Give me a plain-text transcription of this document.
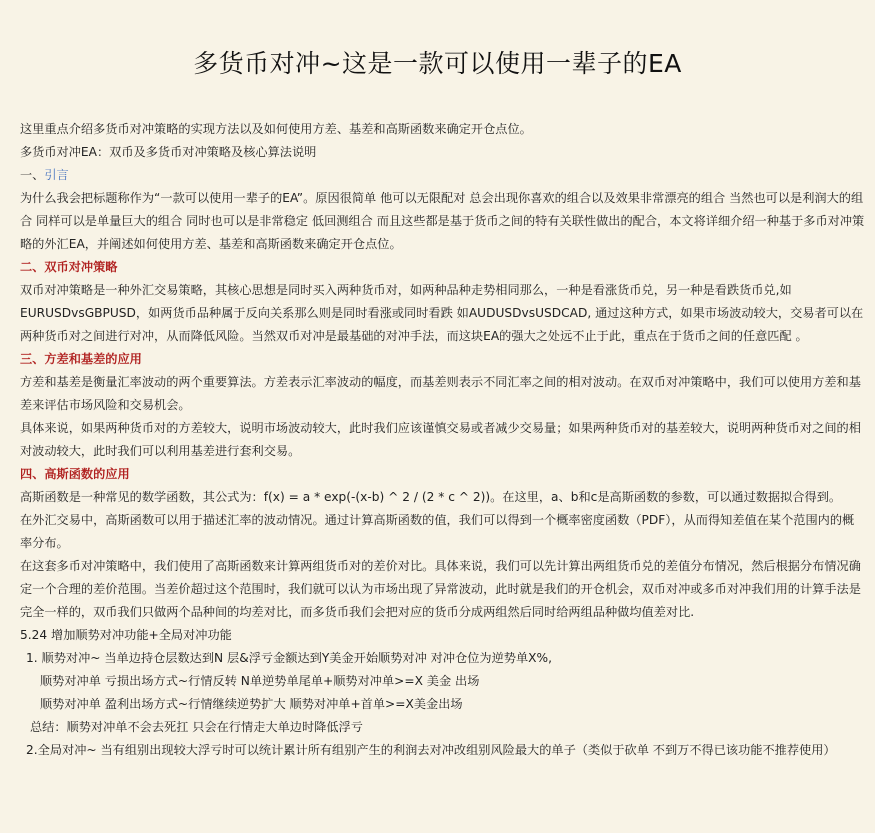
多货币对冲~这是一款可以使用一辈子的EA

这里重点介绍多货币对冲策略的实现方法以及如何使用方差、基差和高斯函数来确定开仓点位。

多货币对冲EA：双币及多货币对冲策略及核心算法说明

一、引言

为什么我会把标题称作为“一款可以使用一辈子的EA”。原因很简单 他可以无限配对 总会出现你喜欢的组合以及效果非常漂亮的组合 当然也可以是利润大的组合 同样可以是单量巨大的组合 同时也可以是非常稳定 低回测组合 而且这些都是基于货币之间的特有关联性做出的配合，本文将详细介绍一种基于多币对冲策略的外汇EA，并阐述如何使用方差、基差和高斯函数来确定开仓点位。

二、双币对冲策略

双币对冲策略是一种外汇交易策略，其核心思想是同时买入两种货币对，如两种品种走势相同那么，一种是看涨货币兑，另一种是看跌货币兑,如EURUSDvsGBPUSD，如两货币品种属于反向关系那么则是同时看涨或同时看跌 如AUDUSDvsUSDCAD, 通过这种方式，如果市场波动较大，交易者可以在两种货币对之间进行对冲，从而降低风险。当然双币对冲是最基础的对冲手法，而这块EA的强大之处远不止于此，重点在于货币之间的任意匹配 。

三、方差和基差的应用

方差和基差是衡量汇率波动的两个重要算法。方差表示汇率波动的幅度，而基差则表示不同汇率之间的相对波动。在双币对冲策略中，我们可以使用方差和基差来评估市场风险和交易机会。

具体来说，如果两种货币对的方差较大，说明市场波动较大，此时我们应该谨慎交易或者减少交易量；如果两种货币对的基差较大，说明两种货币对之间的相对波动较大，此时我们可以利用基差进行套利交易。

四、高斯函数的应用

高斯函数是一种常见的数学函数，其公式为：f(x) = a * exp(-(x-b) ^ 2 / (2 * c ^ 2))。在这里，a、b和c是高斯函数的参数，可以通过数据拟合得到。

在外汇交易中，高斯函数可以用于描述汇率的波动情况。通过计算高斯函数的值，我们可以得到一个概率密度函数（PDF），从而得知差值在某个范围内的概率分布。

在这套多币对冲策略中，我们使用了高斯函数来计算两组货币对的差价对比。具体来说，我们可以先计算出两组货币兑的差值分布情况，然后根据分布情况确定一个合理的差价范围。当差价超过这个范围时，我们就可以认为市场出现了异常波动，此时就是我们的开仓机会，双币对冲或多币对冲我们用的计算手法是完全一样的，双币我们只做两个品种间的均差对比，而多货币我们会把对应的货币分成两组然后同时给两组品种做均值差对比.

5.24 增加顺势对冲功能+全局对冲功能

1. 顺势对冲~ 当单边持仓层数达到N 层&浮亏金额达到Y美金开始顺势对冲 对冲仓位为逆势单X%,

顺势对冲单 亏损出场方式~行情反转 N单逆势单尾单+顺势对冲单>=X 美金 出场

顺势对冲单 盈利出场方式~行情继续逆势扩大 顺势对冲单+首单>=X美金出场

总结：顺势对冲单不会去死扛 只会在行情走大单边时降低浮亏

2.全局对冲~ 当有组别出现较大浮亏时可以统计累计所有组别产生的利润去对冲改组别风险最大的单子（类似于砍单 不到万不得已该功能不推荐使用）
